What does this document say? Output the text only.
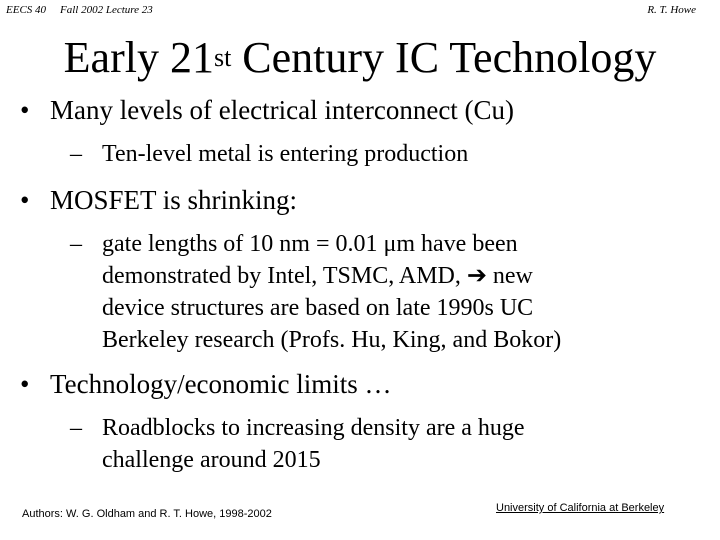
EECS 40 Fall 2002 Lecture 23	R. T. Howe
Early 21st Century IC Technology
• Many levels of electrical interconnect (Cu)
– Ten-level metal is entering production
• MOSFET is shrinking:
– gate lengths of 10 nm = 0.01 μm have been
demonstrated by Intel, TSMC, AMD, ➔ new
device structures are based on late 1990s UC
Berkeley research (Profs. Hu, King, and Bokor)
• Technology/economic limits …
– Roadblocks to increasing density are a huge
challenge around 2015
Authors: W. G. Oldham and R. T. Howe, 1998-2002	University of California at Berkeley
